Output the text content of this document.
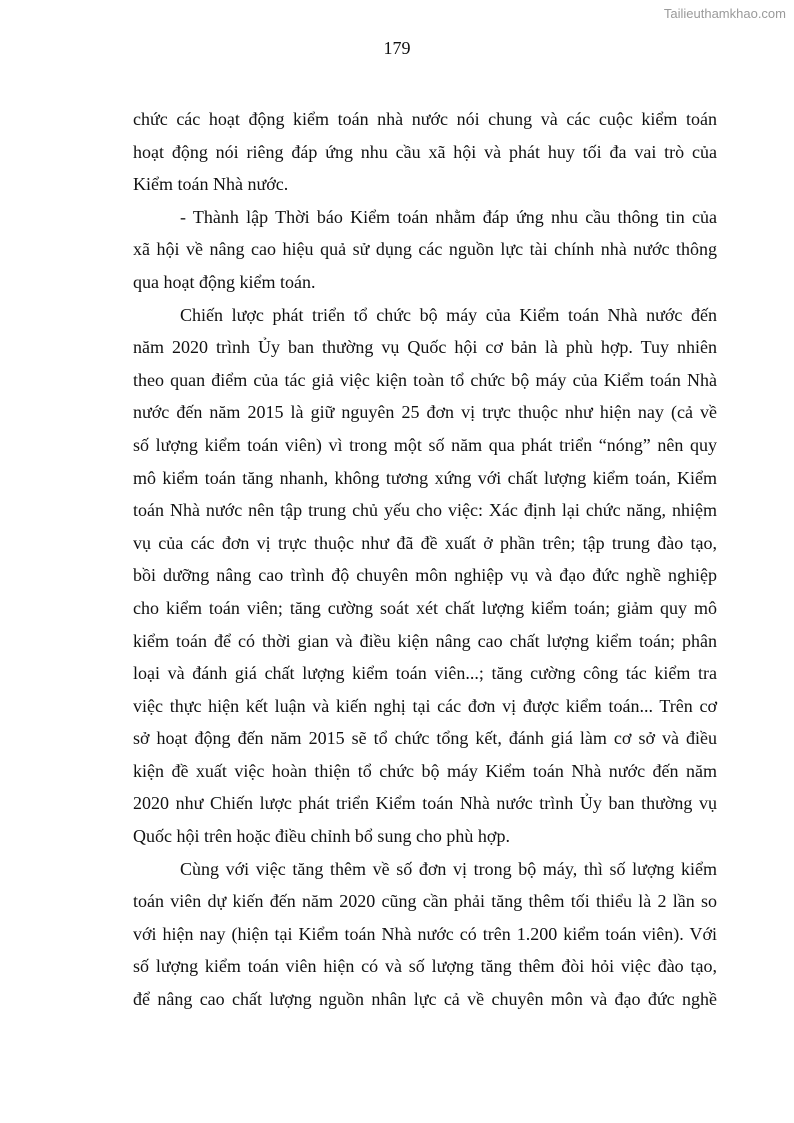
Tailieuthamkhao.com
179

chức các hoạt động kiểm toán nhà nước nói chung và các cuộc kiểm toán
hoạt động nói riêng đáp ứng nhu cầu xã hội và phát huy tối đa vai trò của
Kiểm toán Nhà nước.

- Thành lập Thời báo Kiểm toán nhằm đáp ứng nhu cầu thông tin của
xã hội về nâng cao hiệu quả sử dụng các nguồn lực tài chính nhà nước thông
qua hoạt động kiểm toán.

Chiến lược phát triển tổ chức bộ máy của Kiểm toán Nhà nước đến
năm 2020 trình Ủy ban thường vụ Quốc hội cơ bản là phù hợp. Tuy nhiên
theo quan điểm của tác giả việc kiện toàn tổ chức bộ máy của Kiểm toán Nhà
nước đến năm 2015 là giữ nguyên 25 đơn vị trực thuộc như hiện nay (cả về
số lượng kiểm toán viên) vì trong một số năm qua phát triển “nóng” nên quy
mô kiểm toán tăng nhanh, không tương xứng với chất lượng kiểm toán, Kiểm
toán Nhà nước nên tập trung chủ yếu cho việc: Xác định lại chức năng, nhiệm
vụ của các đơn vị trực thuộc như đã đề xuất ở phần trên; tập trung đào tạo,
bồi dưỡng nâng cao trình độ chuyên môn nghiệp vụ và đạo đức nghề nghiệp
cho kiểm toán viên; tăng cường soát xét chất lượng kiểm toán; giảm quy mô
kiểm toán để có thời gian và điều kiện nâng cao chất lượng kiểm toán; phân
loại và đánh giá chất lượng kiểm toán viên...; tăng cường công tác kiểm tra
việc thực hiện kết luận và kiến nghị tại các đơn vị được kiểm toán... Trên cơ
sở hoạt động đến năm 2015 sẽ tổ chức tổng kết, đánh giá làm cơ sở và điều
kiện đề xuất việc hoàn thiện tổ chức bộ máy Kiểm toán Nhà nước đến năm
2020 như Chiến lược phát triển Kiểm toán Nhà nước trình Ủy ban thường vụ
Quốc hội trên hoặc điều chỉnh bổ sung cho phù hợp.

Cùng với việc tăng thêm về số đơn vị trong bộ máy, thì số lượng kiểm
toán viên dự kiến đến năm 2020 cũng cần phải tăng thêm tối thiểu là 2 lần so
với hiện nay (hiện tại Kiểm toán Nhà nước có trên 1.200 kiểm toán viên). Với
số lượng kiểm toán viên hiện có và số lượng tăng thêm đòi hỏi việc đào tạo,
để nâng cao chất lượng nguồn nhân lực cả về chuyên môn và đạo đức nghề
